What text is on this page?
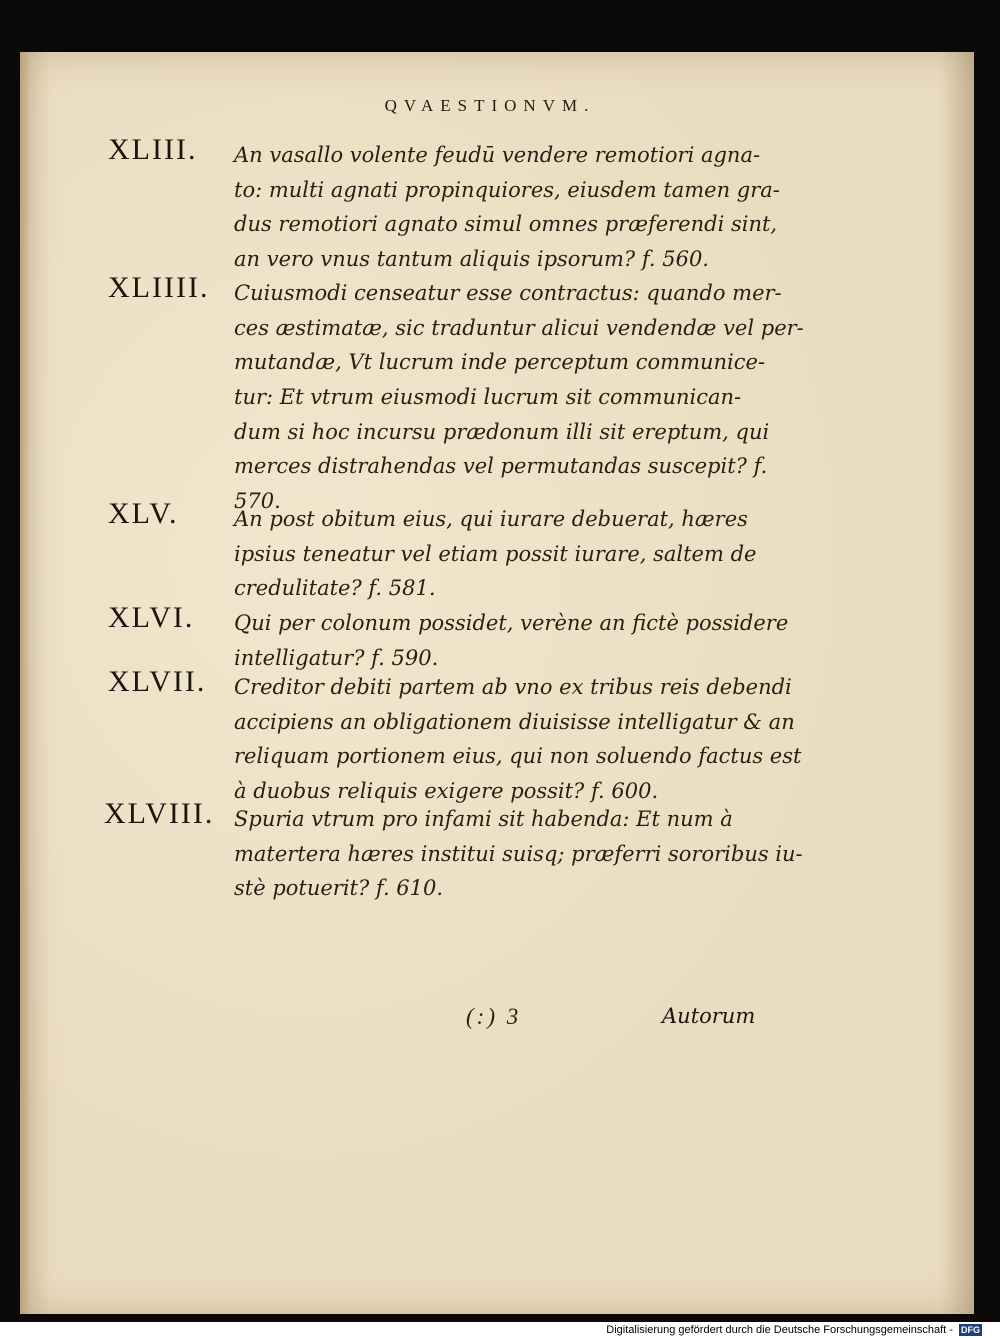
QVAESTIONVM.
XLIII.	An vasallo volente feudū vendere remotiori agna-
to: multi agnati propinquiores, eiusdem tamen gra-
dus remotiori agnato simul omnes præferendi sint,
an vero vnus tantum aliquis ipsorum? f. 560.
XLIIII.	Cuiusmodi censeatur esse contractus: quando mer-
ces æstimatæ, sic traduntur alicui vendendæ vel per-
mutandæ, Vt lucrum inde perceptum communice-
tur: Et vtrum eiusmodi lucrum sit communican-
dum si hoc incursu prædonum illi sit ereptum, qui
merces distrahendas vel permutandas suscepit? f.
570.
XLV.	An post obitum eius, qui iurare debuerat, hæres
ipsius teneatur vel etiam possit iurare, saltem de
credulitate? f. 581.
XLVI.	Qui per colonum possidet, verène an fictè possidere
intelligatur? f. 590.
XLVII.	Creditor debiti partem ab vno ex tribus reis debendi
accipiens an obligationem diuisisse intelligatur & an
reliquam portionem eius, qui non soluendo factus est
à duobus reliquis exigere possit? f. 600.
XLVIII. Spuria vtrum pro infami sit habenda: Et num à
matertera hæres institui suisq; præferri sororibus iu-
stè potuerit? f. 610.
(:) 3	Autorum
Digitalisierung gefördert durch die Deutsche Forschungsgemeinschaft - DFG
